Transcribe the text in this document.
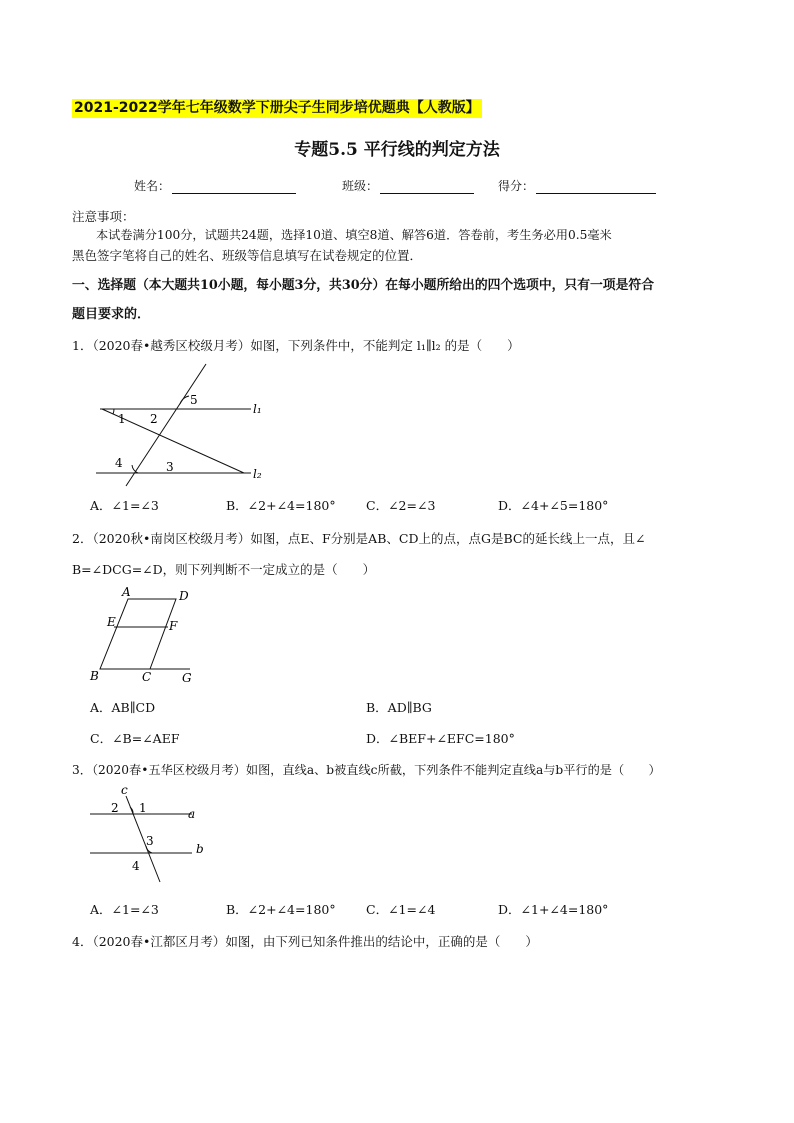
2021-2022学年七年级数学下册尖子生同步培优题典【人教版】
专题5.5 平行线的判定方法
姓名：	班级：	得分：
注意事项：
本试卷满分100分，试题共24题，选择10道、填空8道、解答6道．答卷前，考生务必用0.5毫米
黑色签字笔将自己的姓名、班级等信息填写在试卷规定的位置．
一、选择题（本大题共10小题，每小题3分，共30分）在每小题所给出的四个选项中，只有一项是符合
题目要求的．
1．（2020春•越秀区校级月考）如图，下列条件中，不能判定 l₁∥l₂ 的是（　　）
1 2
5
4	3
l₁
l₂
A．∠1=∠3	B．∠2+∠4=180° C．∠2=∠3	D．∠4+∠5=180°
2．（2020秋•南岗区校级月考）如图，点E、F分别是AB、CD上的点，点G是BC的延长线上一点，且∠
B=∠DCG=∠D，则下列判断不一定成立的是（　　）
A	D
E	F
B	C	G
A．AB∥CD	B．AD∥BG
C．∠B=∠AEF	D．∠BEF+∠EFC=180°
3．（2020春•五华区校级月考）如图，直线a、b被直线c所截，下列条件不能判定直线a与b平行的是（　　）
c
2 1	a
3
b
4
A．∠1=∠3	B．∠2+∠4=180° C．∠1=∠4	D．∠1+∠4=180°
4．（2020春•江都区月考）如图，由下列已知条件推出的结论中，正确的是（　　）
